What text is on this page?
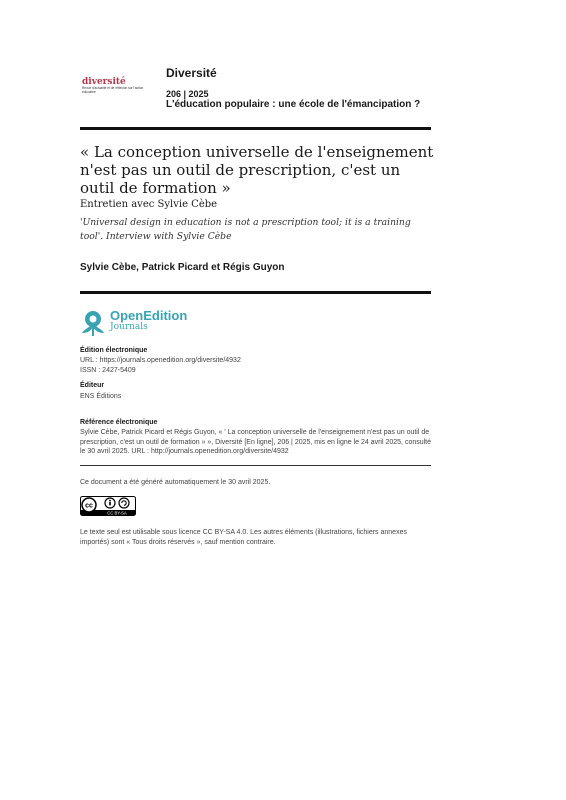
diversité
Revue d'actualité et de réflexion sur l'action éducative
Diversité
206 | 2025
L'éducation populaire : une école de l'émancipation ?
« La conception universelle de l'enseignement n'est pas un outil de prescription, c'est un outil de formation »
Entretien avec Sylvie Cèbe
'Universal design in education is not a prescription tool; it is a training tool'. Interview with Sylvie Cèbe
Sylvie Cèbe, Patrick Picard et Régis Guyon
OpenEdition
Journals
Édition électronique
URL : https://journals.openedition.org/diversite/4932
ISSN : 2427-5409
Éditeur
ENS Éditions
Référence électronique
Sylvie Cèbe, Patrick Picard et Régis Guyon, « ' La conception universelle de l'enseignement n'est pas un outil de prescription, c'est un outil de formation » », Diversité [En ligne], 206 | 2025, mis en ligne le 24 avril 2025, consulté le 30 avril 2025. URL : http://journals.openedition.org/diversite/4932
Ce document a été généré automatiquement le 30 avril 2025.
cc
CC BY-SA
Le texte seul est utilisable sous licence CC BY-SA 4.0. Les autres éléments (illustrations, fichiers annexes importés) sont « Tous droits réservés », sauf mention contraire.
